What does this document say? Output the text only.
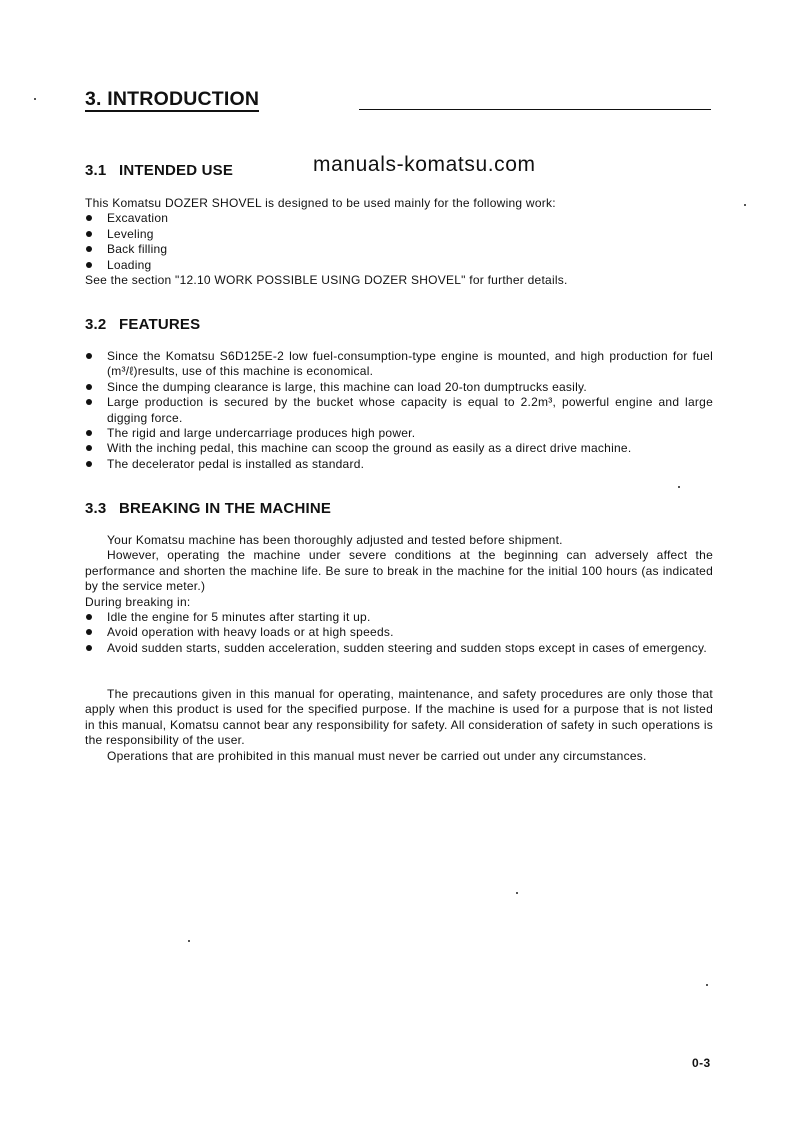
3. INTRODUCTION
manuals-komatsu.com
3.1 INTENDED USE

This Komatsu DOZER SHOVEL is designed to be used mainly for the following work:

Excavation
Leveling
Back filling
Loading

See the section "12.10 WORK POSSIBLE USING DOZER SHOVEL" for further details.

3.2 FEATURES
Since the Komatsu S6D125E-2 low fuel-consumption-type engine is mounted, and high production for fuel (m³/ℓ)results, use of this machine is economical.
Since the dumping clearance is large, this machine can load 20-ton dumptrucks easily.
Large production is secured by the bucket whose capacity is equal to 2.2m³, powerful engine and large digging force.
The rigid and large undercarriage produces high power.
With the inching pedal, this machine can scoop the ground as easily as a direct drive machine.
The decelerator pedal is installed as standard.
3.3 BREAKING IN THE MACHINE

Your Komatsu machine has been thoroughly adjusted and tested before shipment.

However, operating the machine under severe conditions at the beginning can adversely affect the performance and shorten the machine life. Be sure to break in the machine for the initial 100 hours (as indicated by the service meter.)

During breaking in:

Idle the engine for 5 minutes after starting it up.
Avoid operation with heavy loads or at high speeds.
Avoid sudden starts, sudden acceleration, sudden steering and sudden stops except in cases of emergency.

The precautions given in this manual for operating, maintenance, and safety procedures are only those that apply when this product is used for the specified purpose. If the machine is used for a purpose that is not listed in this manual, Komatsu cannot bear any responsibility for safety. All consideration of safety in such operations is the responsibility of the user.

Operations that are prohibited in this manual must never be carried out under any circumstances.

0-3
